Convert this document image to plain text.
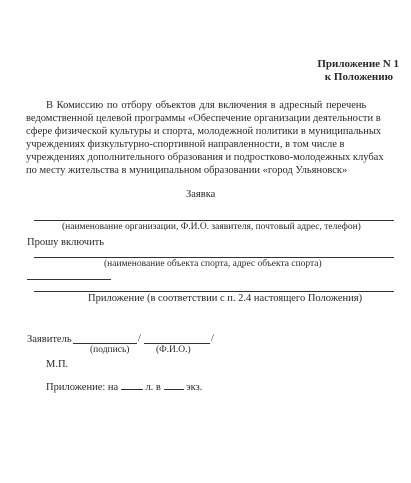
Приложение N 1
к Положению
В Комиссию по отбору объектов для включения в адресный перечень
ведомственной целевой программы «Обеспечение организации деятельности в
сфере физической культуры и спорта, молодежной политики в муниципальных
учреждениях физкультурно-спортивной направленности, в том числе в
учреждениях дополнительного образования и подростково-молодежных клубах
по месту жительства в муниципальном образовании «город Ульяновск»
Заявка
(наименование организации, Ф.И.О. заявителя, почтовый адрес, телефон)
Прошу включить
(наименование объекта спорта, адрес объекта спорта)
Приложение (в соответствии с п. 2.4 настоящего Положения)
Заявитель	/	/
(подпись)	(Ф.И.О.)
М.П.
Приложение: на	л. в экз.
